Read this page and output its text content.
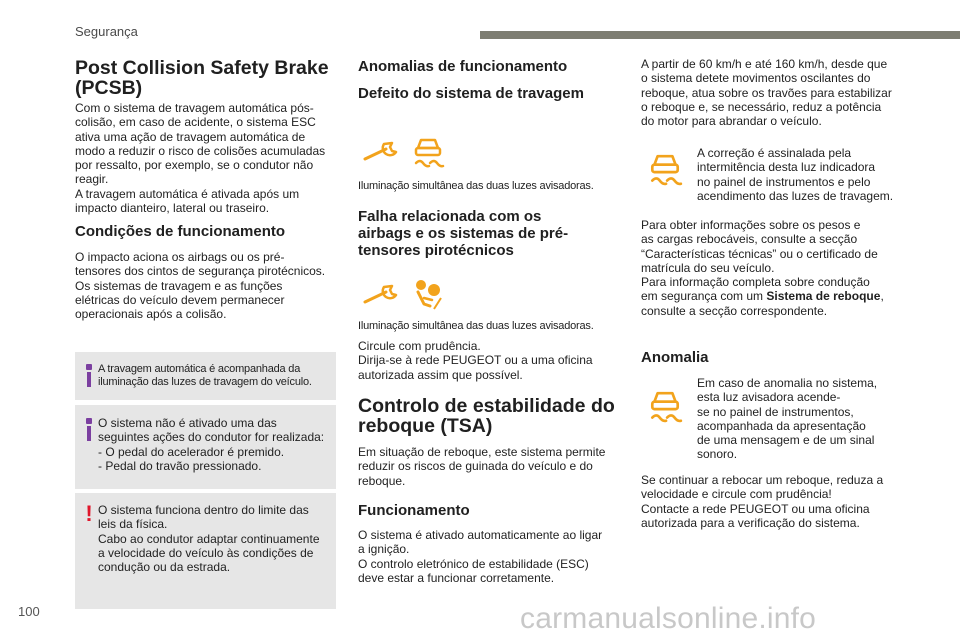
Segurança
Post Collision Safety Brake
(PCSB)
Com o sistema de travagem automática pós-
colisão, em caso de acidente, o sistema ESC
ativa uma ação de travagem automática de
modo a reduzir o risco de colisões acumuladas
por ressalto, por exemplo, se o condutor não
reagir.
A travagem automática é ativada após um
impacto dianteiro, lateral ou traseiro.
Condições de funcionamento
O impacto aciona os airbags ou os pré-
tensores dos cintos de segurança pirotécnicos.
Os sistemas de travagem e as funções
elétricas do veículo devem permanecer
operacionais após a colisão.
A travagem automática é acompanhada da
iluminação das luzes de travagem do veículo.
O sistema não é ativado uma das
seguintes ações do condutor for realizada:
- O pedal do acelerador é premido.
- Pedal do travão pressionado.
! O sistema funciona dentro do limite das
leis da física.
Cabo ao condutor adaptar continuamente
a velocidade do veículo às condições de
condução ou da estrada.
Anomalias de funcionamento
Defeito do sistema de travagem
Iluminação simultânea das duas luzes avisadoras.
Falha relacionada com os
airbags e os sistemas de pré-
tensores pirotécnicos
Iluminação simultânea das duas luzes avisadoras.
Circule com prudência.
Dirija-se à rede PEUGEOT ou a uma oficina
autorizada assim que possível.
Controlo de estabilidade do
reboque (TSA)
Em situação de reboque, este sistema permite
reduzir os riscos de guinada do veículo e do
reboque.
Funcionamento
O sistema é ativado automaticamente ao ligar
a ignição.
O controlo eletrónico de estabilidade (ESC)
deve estar a funcionar corretamente.
A partir de 60 km/h e até 160 km/h, desde que
o sistema detete movimentos oscilantes do
reboque, atua sobre os travões para estabilizar
o reboque e, se necessário, reduz a potência
do motor para abrandar o veículo.
A correção é assinalada pela
intermitência desta luz indicadora
no painel de instrumentos e pelo
acendimento das luzes de travagem.
Para obter informações sobre os pesos e
as cargas rebocáveis, consulte a secção
“Características técnicas” ou o certificado de
matrícula do seu veículo.
Para informação completa sobre condução
em segurança com um Sistema de reboque,
consulte a secção correspondente.
Anomalia
Em caso de anomalia no sistema,
esta luz avisadora acende-
se no painel de instrumentos,
acompanhada da apresentação
de uma mensagem e de um sinal
sonoro.
Se continuar a rebocar um reboque, reduza a
velocidade e circule com prudência!
Contacte a rede PEUGEOT ou uma oficina
autorizada para a verificação do sistema.
100	carmanualsonline.info
